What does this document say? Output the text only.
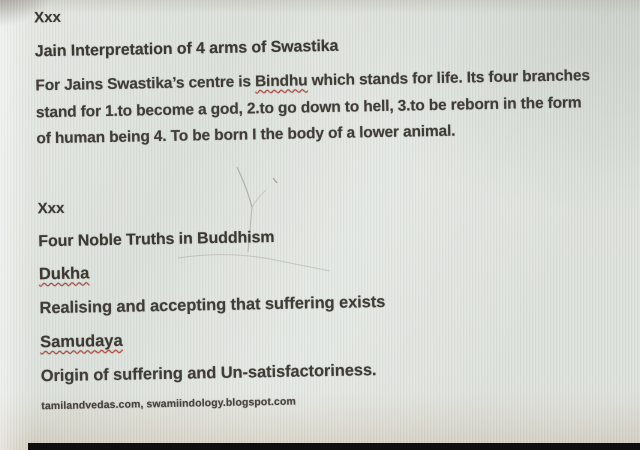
Xxx
Jain Interpretation of 4 arms of Swastika
For Jains Swastika’s centre is Bindhu which stands for life. Its four branches
stand for 1.to become a god, 2.to go down to hell, 3.to be reborn in the form
of human being 4. To be born I the body of a lower animal.
Xxx
Four Noble Truths in Buddhism
Dukha
Realising and accepting that suffering exists
Samudaya
Origin of suffering and Un-satisfactoriness.
tamilandvedas.com, swamiindology.blogspot.com
